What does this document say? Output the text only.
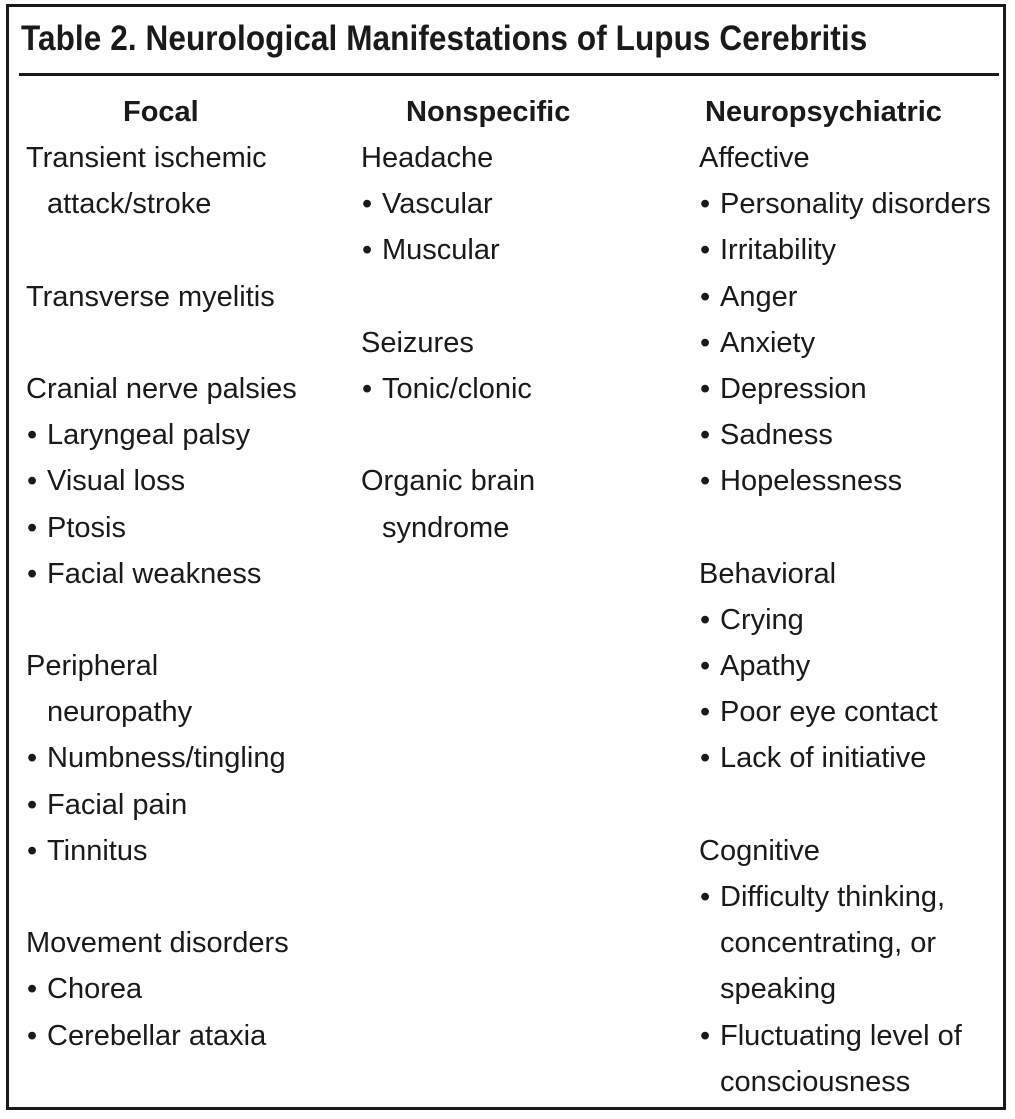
Table 2. Neurological Manifestations of Lupus Cerebritis
Focal
Transient ischemic
attack/stroke
Transverse myelitis
Cranial nerve palsies
• Laryngeal palsy
• Visual loss
• Ptosis
• Facial weakness
Peripheral
neuropathy
• Numbness/tingling
• Facial pain
• Tinnitus
Movement disorders
• Chorea
• Cerebellar ataxia
Nonspecific
Headache
• Vascular
• Muscular
Seizures
• Tonic/clonic
Organic brain
syndrome
Neuropsychiatric
Affective
• Personality disorders
• Irritability
• Anger
• Anxiety
• Depression
• Sadness
• Hopelessness
Behavioral
• Crying
• Apathy
• Poor eye contact
• Lack of initiative
Cognitive
• Difficulty thinking,
concentrating, or
speaking
• Fluctuating level of
consciousness
